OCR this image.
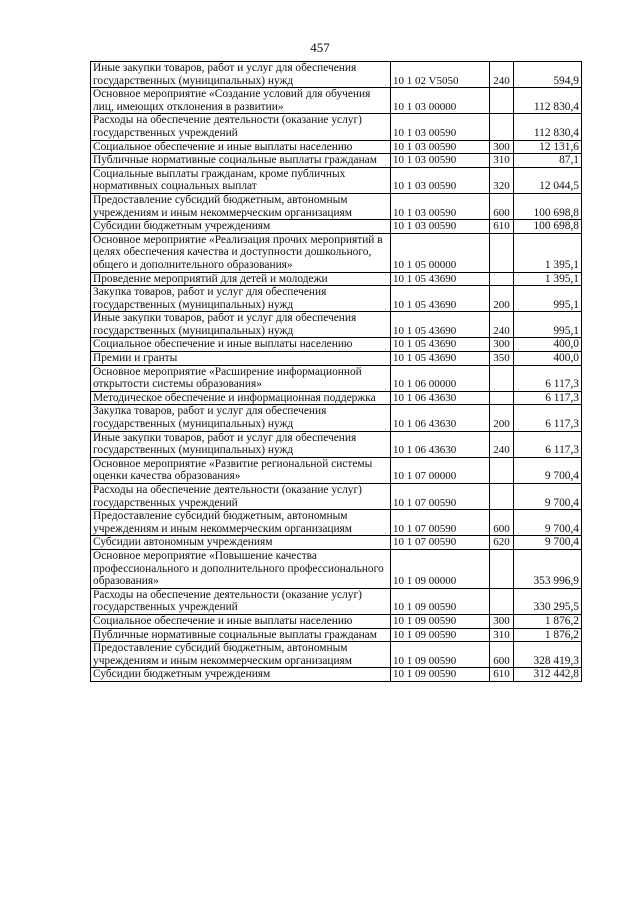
457
Иные закупки товаров, работ и услуг для обеспечения государственных (муниципальных) нужд	10 1 02 V5050	240	594,9
Основное мероприятие «Создание условий для обучения лиц, имеющих отклонения в развитии»	10 1 03 00000		112 830,4
Расходы на обеспечение деятельности (оказание услуг) государственных учреждений	10 1 03 00590		112 830,4
Социальное обеспечение и иные выплаты населению	10 1 03 00590	300	12 131,6
Публичные нормативные социальные выплаты гражданам	10 1 03 00590	310	87,1
Социальные выплаты гражданам, кроме публичных нормативных социальных выплат	10 1 03 00590	320	12 044,5
Предоставление субсидий бюджетным, автономным учреждениям и иным некоммерческим организациям	10 1 03 00590	600	100 698,8
Субсидии бюджетным учреждениям	10 1 03 00590	610	100 698,8
Основное мероприятие «Реализация прочих мероприятий в целях обеспечения качества и доступности дошкольного, общего и дополнительного образования»	10 1 05 00000		1 395,1
Проведение мероприятий для детей и молодежи	10 1 05 43690		1 395,1
Закупка товаров, работ и услуг для обеспечения государственных (муниципальных) нужд	10 1 05 43690	200	995,1
Иные закупки товаров, работ и услуг для обеспечения государственных (муниципальных) нужд	10 1 05 43690	240	995,1
Социальное обеспечение и иные выплаты населению	10 1 05 43690	300	400,0
Премии и гранты	10 1 05 43690	350	400,0
Основное мероприятие «Расширение информационной открытости системы образования»	10 1 06 00000		6 117,3
Методическое обеспечение и информационная поддержка	10 1 06 43630		6 117,3
Закупка товаров, работ и услуг для обеспечения государственных (муниципальных) нужд	10 1 06 43630	200	6 117,3
Иные закупки товаров, работ и услуг для обеспечения государственных (муниципальных) нужд	10 1 06 43630	240	6 117,3
Основное мероприятие «Развитие региональной системы оценки качества образования»	10 1 07 00000		9 700,4
Расходы на обеспечение деятельности (оказание услуг) государственных учреждений	10 1 07 00590		9 700,4
Предоставление субсидий бюджетным, автономным учреждениям и иным некоммерческим организациям	10 1 07 00590	600	9 700,4
Субсидии автономным учреждениям	10 1 07 00590	620	9 700,4
Основное мероприятие «Повышение качества профессионального и дополнительного профессионального образования»	10 1 09 00000		353 996,9
Расходы на обеспечение деятельности (оказание услуг) государственных учреждений	10 1 09 00590		330 295,5
Социальное обеспечение и иные выплаты населению	10 1 09 00590	300	1 876,2
Публичные нормативные социальные выплаты гражданам	10 1 09 00590	310	1 876,2
Предоставление субсидий бюджетным, автономным учреждениям и иным некоммерческим организациям	10 1 09 00590	600	328 419,3
Субсидии бюджетным учреждениям	10 1 09 00590	610	312 442,8
